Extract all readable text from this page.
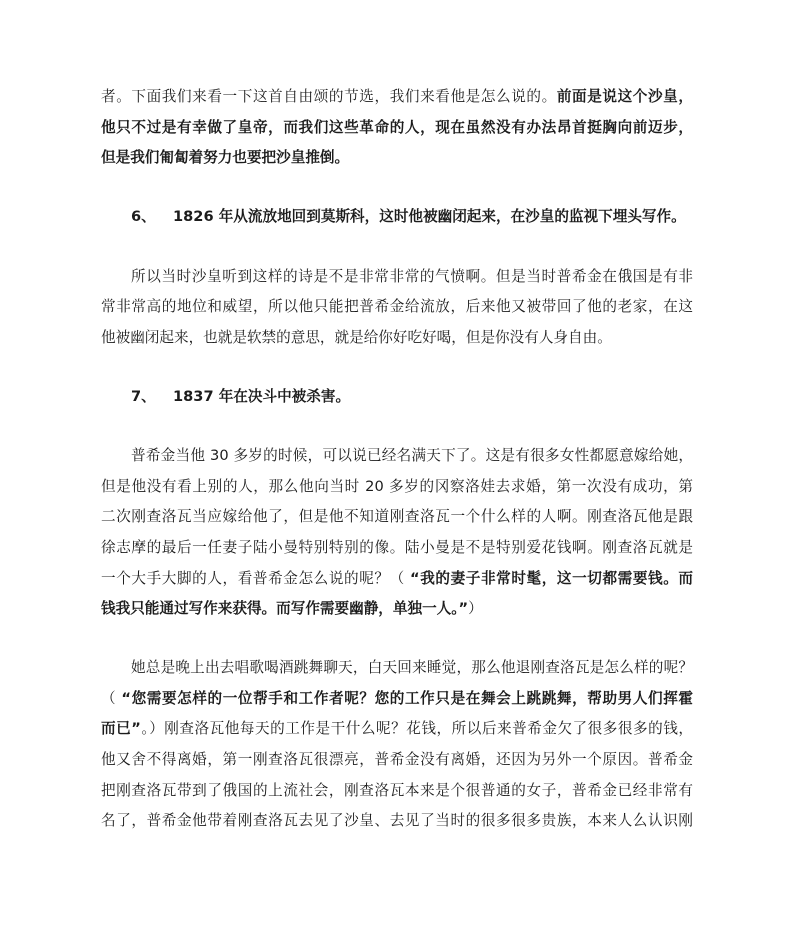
者。下面我们来看一下这首自由颂的节选，我们来看他是怎么说的。前面是说这个沙皇，
他只不过是有幸做了皇帝，而我们这些革命的人，现在虽然没有办法昂首挺胸向前迈步，
但是我们匍匐着努力也要把沙皇推倒。
6、 1826 年从流放地回到莫斯科，这时他被幽闭起来，在沙皇的监视下埋头写作。
所以当时沙皇听到这样的诗是不是非常非常的气愤啊。但是当时普希金在俄国是有非
常非常高的地位和威望，所以他只能把普希金给流放，后来他又被带回了他的老家，在这
他被幽闭起来，也就是软禁的意思，就是给你好吃好喝，但是你没有人身自由。
7、 1837 年在决斗中被杀害。
普希金当他 30 多岁的时候，可以说已经名满天下了。这是有很多女性都愿意嫁给她，
但是他没有看上别的人，那么他向当时 20 多岁的冈察洛娃去求婚，第一次没有成功，第
二次刚查洛瓦当应嫁给他了，但是他不知道刚查洛瓦一个什么样的人啊。刚查洛瓦他是跟
徐志摩的最后一任妻子陆小曼特别特别的像。陆小曼是不是特别爱花钱啊。刚查洛瓦就是
一个大手大脚的人，看普希金怎么说的呢？（ “我的妻子非常时髦，这一切都需要钱。而
钱我只能通过写作来获得。而写作需要幽静，单独一人。”）
她总是晚上出去唱歌喝酒跳舞聊天，白天回来睡觉，那么他退刚查洛瓦是怎么样的呢？
（ “您需要怎样的一位帮手和工作者呢？您的工作只是在舞会上跳跳舞，帮助男人们挥霍
而已”。）刚查洛瓦他每天的工作是干什么呢？花钱，所以后来普希金欠了很多很多的钱，
他又舍不得离婚，第一刚查洛瓦很漂亮，普希金没有离婚，还因为另外一个原因。普希金
把刚查洛瓦带到了俄国的上流社会，刚查洛瓦本来是个很普通的女子，普希金已经非常有
名了，普希金他带着刚查洛瓦去见了沙皇、去见了当时的很多很多贵族，本来人么认识刚
